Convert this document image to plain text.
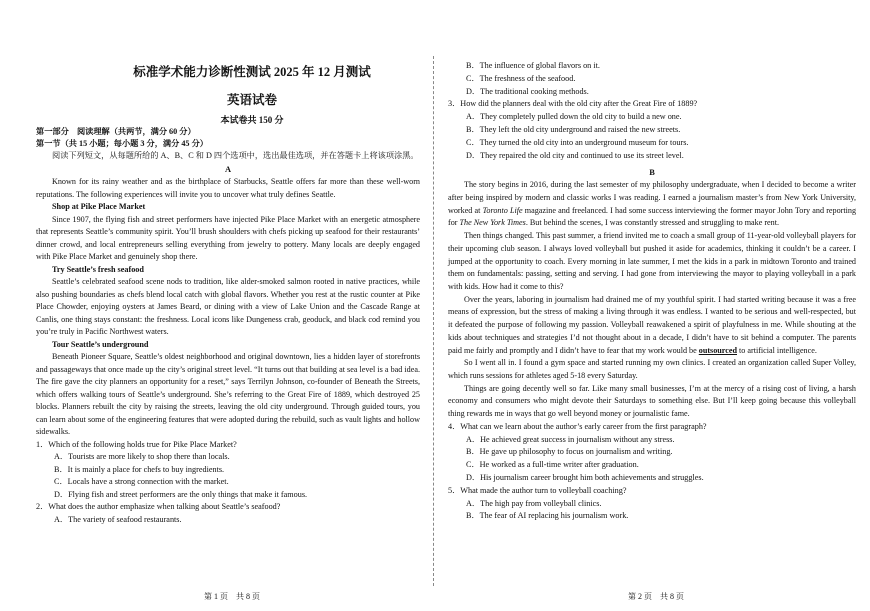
标准学术能力诊断性测试 2025 年 12 月测试
英语试卷
本试卷共 150 分
第一部分　阅读理解（共两节，满分 60 分）
第一节（共 15 小题；每小题 3 分，满分 45 分）
阅读下列短文，从每题所给的 A、B、C 和 D 四个选项中，选出最佳选项，并在答题卡上将该项涂黑。
A
Known for its rainy weather and as the birthplace of Starbucks, Seattle offers far more than these well-worn reputations. The following experiences will invite you to uncover what truly defines Seattle.
Shop at Pike Place Market
Since 1907, the flying fish and street performers have injected Pike Place Market with an energetic atmosphere that represents Seattle’s community spirit. You’ll brush shoulders with chefs picking up seafood for their restaurants’ dinner crowd, and local entrepreneurs selling everything from jewelry to pottery. Many locals are deeply engaged with Pike Place Market and genuinely shop there.
Try Seattle’s fresh seafood
Seattle’s celebrated seafood scene nods to tradition, like alder-smoked salmon rooted in native practices, while also pushing boundaries as chefs blend local catch with global flavors. Whether you rest at the rustic counter at Pike Place Chowder, enjoying oysters at James Beard, or dining with a view of Lake Union and the Cascade Range at Canlis, one thing stays constant: the freshness. Local icons like Dungeness crab, geoduck, and black cod remind you you’re truly in Pacific Northwest waters.
Tour Seattle’s underground
Beneath Pioneer Square, Seattle’s oldest neighborhood and original downtown, lies a hidden layer of storefronts and passageways that once made up the city’s original street level. “It turns out that building at sea level is a bad idea. The fire gave the city planners an opportunity for a reset,” says Terrilyn Johnson, co-founder of Beneath the Streets, which offers walking tours of Seattle’s underground. She’s referring to the Great Fire of 1889, which destroyed 25 blocks. Planners rebuilt the city by raising the streets, leaving the old city underground. Through guided tours, you can learn about some of the engineering features that were adopted during the rebuild, such as vault lights and hollow sidewalks.
1．Which of the following holds true for Pike Place Market?
A．Tourists are more likely to shop there than locals.
B．It is mainly a place for chefs to buy ingredients.
C．Locals have a strong connection with the market.
D．Flying fish and street performers are the only things that make it famous.
2．What does the author emphasize when talking about Seattle’s seafood?
A．The variety of seafood restaurants.
B．The influence of global flavors on it.
C．The freshness of the seafood.
D．The traditional cooking methods.
3．How did the planners deal with the old city after the Great Fire of 1889?
A．They completely pulled down the old city to build a new one.
B．They left the old city underground and raised the new streets.
C．They turned the old city into an underground museum for tours.
D．They repaired the old city and continued to use its street level.
B
The story begins in 2016, during the last semester of my philosophy undergraduate, when I decided to become a writer after being inspired by modern and classic works I was reading. I earned a journalism master’s from New York University, worked at Toronto Life magazine and freelanced. I had some success interviewing the former mayor John Tory and reporting for The New York Times. But behind the scenes, I was constantly stressed and struggling to make rent.
Then things changed. This past summer, a friend invited me to coach a small group of 11-year-old volleyball players for their upcoming club season. I always loved volleyball but pushed it aside for academics, thinking it couldn’t be a career. I jumped at the opportunity to coach. Every morning in late summer, I met the kids in a park in midtown Toronto and trained them on fundamentals: passing, setting and serving. I had gone from interviewing the mayor to playing volleyball in a park with kids. How had it come to this?
Over the years, laboring in journalism had drained me of my youthful spirit. I had started writing because it was a free means of expression, but the stress of making a living through it was endless. I wanted to be serious and well-respected, but it defeated the purpose of following my passion. Volleyball reawakened a spirit of playfulness in me. While shouting at the kids about techniques and strategies I’d not thought about in a decade, I didn’t have to sit behind a computer. The parents paid me fairly and promptly and I didn’t have to fear that my work would be outsourced to artificial intelligence.
So I went all in. I found a gym space and started running my own clinics. I created an organization called Super Volley, which runs sessions for athletes aged 5-18 every Saturday.
Things are going decently well so far. Like many small businesses, I’m at the mercy of a rising cost of living, a harsh economy and consumers who might devote their Saturdays to something else. But I’ll keep going because this volleyball thing rewards me in ways that go well beyond money or journalistic fame.
4．What can we learn about the author’s early career from the first paragraph?
A．He achieved great success in journalism without any stress.
B．He gave up philosophy to focus on journalism and writing.
C．He worked as a full-time writer after graduation.
D．His journalism career brought him both achievements and struggles.
5．What made the author turn to volleyball coaching?
A．The high pay from volleyball clinics.
B．The fear of AI replacing his journalism work.
第 1 页　共 8 页	第 2 页　共 8 页
